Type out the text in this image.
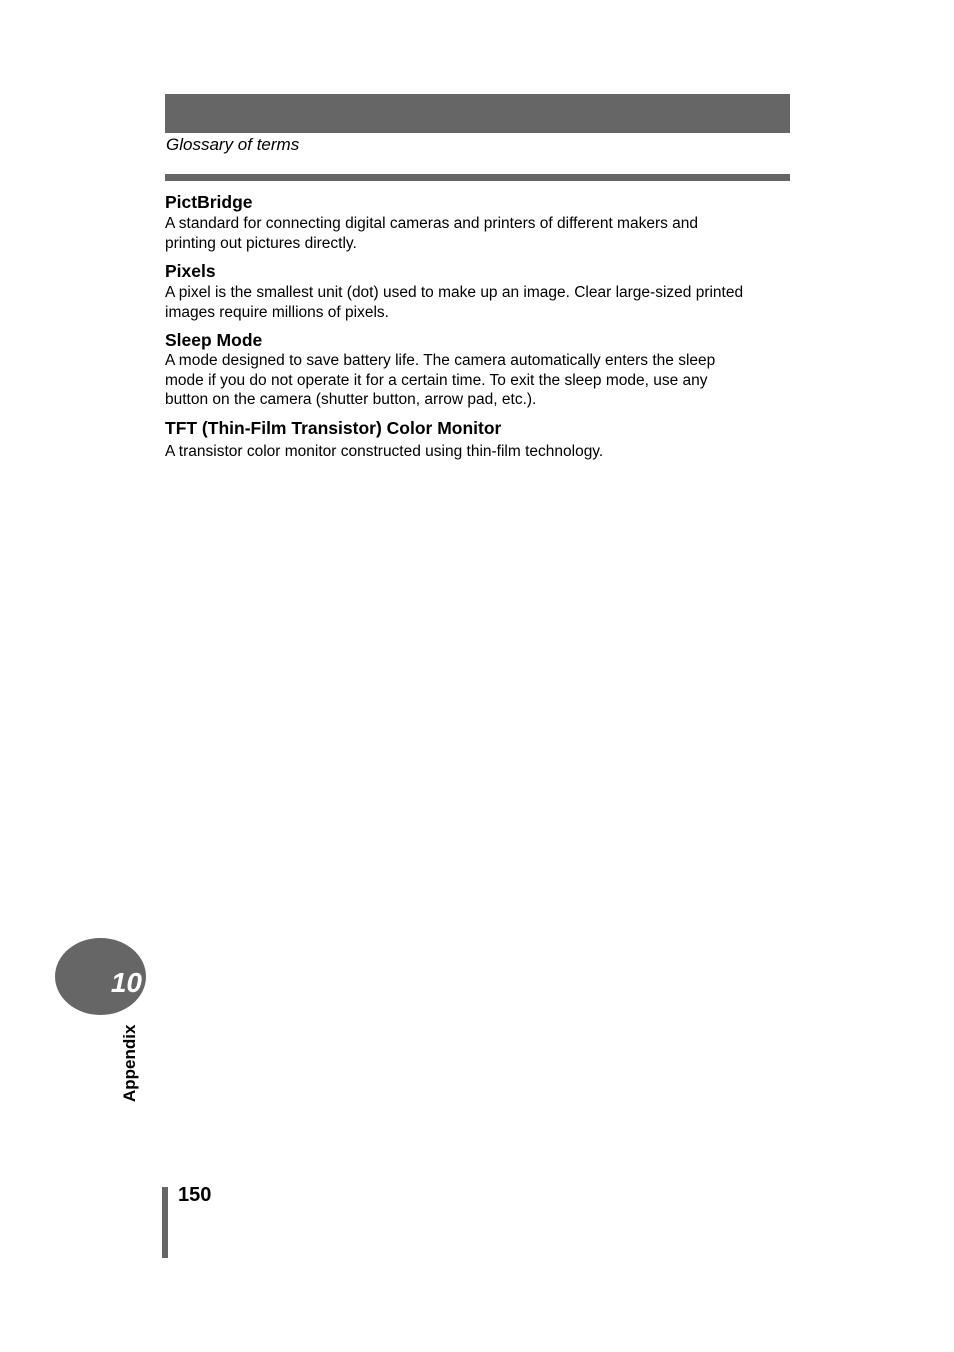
Glossary of terms

PictBridge

A standard for connecting digital cameras and printers of different makers and
printing out pictures directly.

Pixels

A pixel is the smallest unit (dot) used to make up an image. Clear large-sized printed
images require millions of pixels.

Sleep Mode

A mode designed to save battery life. The camera automatically enters the sleep
mode if you do not operate it for a certain time. To exit the sleep mode, use any
button on the camera (shutter button, arrow pad, etc.).

TFT (Thin-Film Transistor) Color Monitor

A transistor color monitor constructed using thin-film technology.
10
Appendix
150
